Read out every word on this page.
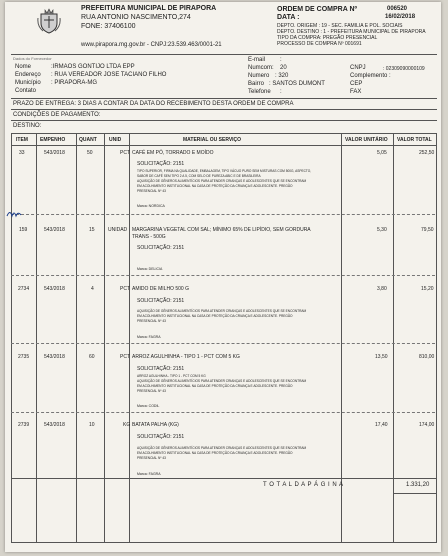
PREFEITURA MUNICIPAL DE PIRAPORA
RUA ANTONIO NASCIMENTO,274
FONE: 37406100
www.pirapora.mg.gov.br - CNPJ:23.539.463/0001-21
ORDEM DE COMPRA Nº	006520
DATA :	16/02/2018
DEPTO. ORIGEM : 19 - SEC. FAMILIA E POL. SOCIAIS
DEPTO. DESTINO : 1 - PREFEITURA MUNICIPAL DE PIRAPORA
TIPO DA COMPRA: PREGÃO PRESENCIAL
PROCESSO DE COMPRA Nº 001691
Dados do Fornecedor
Nome	:IRMAOS GONTIJO LTDA EPP
Endereço : RUA VEREADOR JOSE TACIANO FILHO
Município : PIRAPORA-MG
Contato
E-mail :
Numcom: 20
Numero : 320
Bairro : SANTOS DUMONT
Telefone :
CNPJ	: 02309090000109
Complemento :
CEP
FAX
PRAZO DE ENTREGA: 3 DIAS A CONTAR DA DATA DO RECEBIMENTO DESTA ORDEM DE COMPRA
CONDIÇÕES DE PAGAMENTO:
DESTINO:
ITEM EMPENHO	QUANT UNID	MATERIAL OU SERVIÇO	VALOR UNITÁRIO VALOR TOTAL
33	543/2018	50	PCT CAFÉ EM PÓ, TORRADO E MOÍDO	5,05	252,50
SOLICITAÇÃO: 2151
TIPO SUPERIOR, FIRMA NA QUALIDADE, EMBALAGEM, TIPO VÁCUO PURO SEM MISTURAS COM 500G, ASPECTO,
SABOR DE CAFÉ SEM TIPO 2 A 5, COM SELO DE PUREZA ABIC E DE BRASILEIRA
AQUISIÇÃO DE GÊNEROS ALIMENTÍCIOS PARA ATENDER CRIANÇAS E ADOLESCENTES QUE SE ENCONTRAM
EM ACOLHIMENTO INSTITUCIONAL NA CASA DE PROTEÇÃO DA CRIANÇA E ADOLESCENTE. PREGÃO
PRESENCIAL Nº 43
Marca: NORDICA
159	543/2018	15	UNIDAD MARGARINA VEGETAL COM SAL; MÍNIMO 65% DE LIPÍDIO, SEM GORDURA
TRANS - 500G
5,30	79,50
SOLICITAÇÃO: 2151
Marca: DELICIA
2734	543/2018	4	PCT AMIDO DE MILHO 500 G	3,80	15,20
SOLICITAÇÃO: 2151
AQUISIÇÃO DE GÊNEROS ALIMENTÍCIOS PARA ATENDER CRIANÇAS E ADOLESCENTES QUE SE ENCONTRAM
EM ACOLHIMENTO INSTITUCIONAL NA CASA DE PROTEÇÃO DA CRIANÇA E ADOLESCENTE. PREGÃO
PRESENCIAL Nº 43
Marca: FAGRA
2735	543/2018	60	PCT ARROZ AGULHINHA - TIPO 1 - PCT COM 5 KG	13,50	810,00
SOLICITAÇÃO: 2151
ARROZ AGULHINHA - TIPO 1 - PCT COM 5 KG
AQUISIÇÃO DE GÊNEROS ALIMENTÍCIOS PARA ATENDER CRIANÇAS E ADOLESCENTES QUE SE ENCONTRAM
EM ACOLHIMENTO INSTITUCIONAL NA CASA DE PROTEÇÃO DA CRIANÇA E ADOLESCENTE. PREGÃO
PRESENCIAL Nº 43
Marca: CODIL
2739	543/2018	10	KG BATATA PALHA (KG)	17,40	174,00
SOLICITAÇÃO: 2151
AQUISIÇÃO DE GÊNEROS ALIMENTÍCIOS PARA ATENDER CRIANÇAS E ADOLESCENTES QUE SE ENCONTRAM
EM ACOLHIMENTO INSTITUCIONAL NA CASA DE PROTEÇÃO DA CRIANÇA E ADOLESCENTE. PREGÃO
PRESENCIAL Nº 43
Marca: FAGRA
T O T A L D A P Á G I N A	1.331,20
